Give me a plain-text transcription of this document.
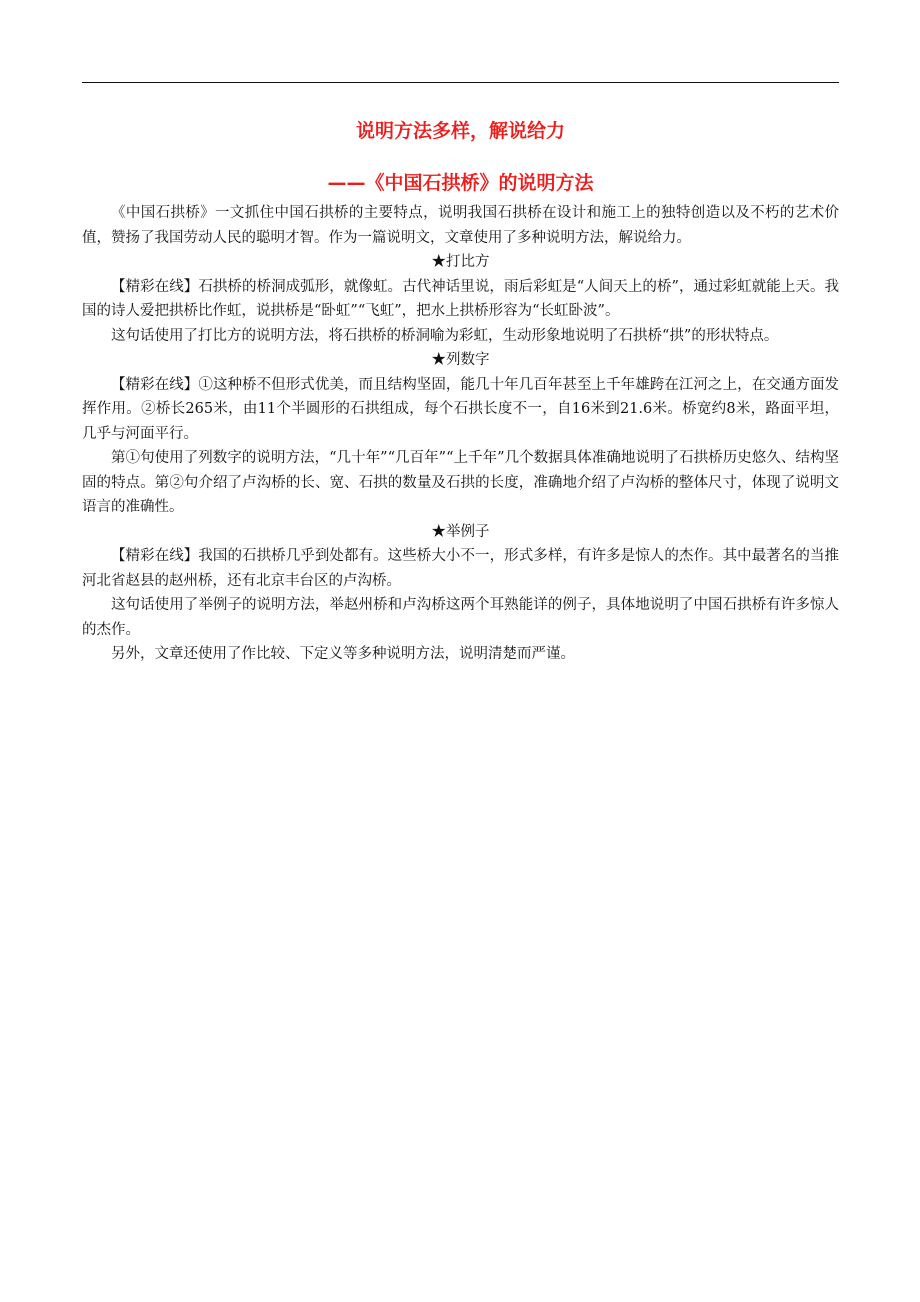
说明方法多样，解说给力
——《中国石拱桥》的说明方法

《中国石拱桥》一文抓住中国石拱桥的主要特点，说明我国石拱桥在设计和施工上的独特创造以及不朽的艺术价值，赞扬了我国劳动人民的聪明才智。作为一篇说明文，文章使用了多种说明方法，解说给力。

★打比方

【精彩在线】石拱桥的桥洞成弧形，就像虹。古代神话里说，雨后彩虹是“人间天上的桥”，通过彩虹就能上天。我国的诗人爱把拱桥比作虹，说拱桥是“卧虹”“飞虹”，把水上拱桥形容为“长虹卧波”。

这句话使用了打比方的说明方法，将石拱桥的桥洞喻为彩虹，生动形象地说明了石拱桥“拱”的形状特点。

★列数字

【精彩在线】①这种桥不但形式优美，而且结构坚固，能几十年几百年甚至上千年雄跨在江河之上，在交通方面发挥作用。②桥长265米，由11个半圆形的石拱组成，每个石拱长度不一，自16米到21.6米。桥宽约8米，路面平坦，几乎与河面平行。

第①句使用了列数字的说明方法，“几十年”“几百年”“上千年”几个数据具体准确地说明了石拱桥历史悠久、结构坚固的特点。第②句介绍了卢沟桥的长、宽、石拱的数量及石拱的长度，准确地介绍了卢沟桥的整体尺寸，体现了说明文语言的准确性。

★举例子

【精彩在线】我国的石拱桥几乎到处都有。这些桥大小不一，形式多样，有许多是惊人的杰作。其中最著名的当推河北省赵县的赵州桥，还有北京丰台区的卢沟桥。

这句话使用了举例子的说明方法，举赵州桥和卢沟桥这两个耳熟能详的例子，具体地说明了中国石拱桥有许多惊人的杰作。

另外，文章还使用了作比较、下定义等多种说明方法，说明清楚而严谨。
